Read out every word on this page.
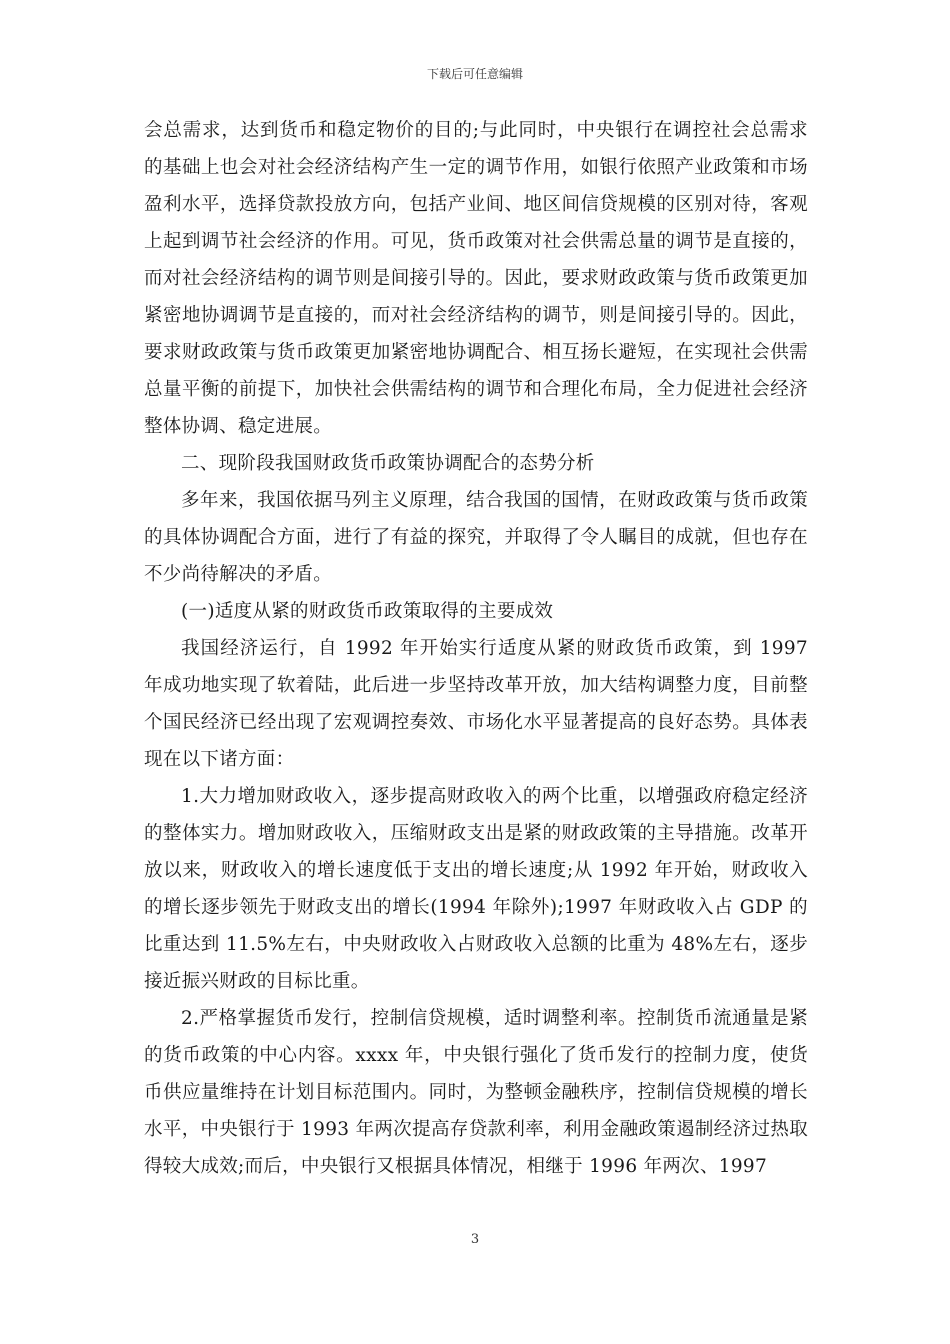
下载后可任意编辑

会总需求，达到货币和稳定物价的目的;与此同时，中央银行在调控社会总需求的基础上也会对社会经济结构产生一定的调节作用，如银行依照产业政策和市场盈利水平，选择贷款投放方向，包括产业间、地区间信贷规模的区别对待，客观上起到调节社会经济的作用。可见，货币政策对社会供需总量的调节是直接的，而对社会经济结构的调节则是间接引导的。因此，要求财政政策与货币政策更加紧密地协调调节是直接的，而对社会经济结构的调节，则是间接引导的。因此，要求财政政策与货币政策更加紧密地协调配合、相互扬长避短，在实现社会供需总量平衡的前提下，加快社会供需结构的调节和合理化布局，全力促进社会经济整体协调、稳定进展。

二、现阶段我国财政货币政策协调配合的态势分析

多年来，我国依据马列主义原理，结合我国的国情，在财政政策与货币政策的具体协调配合方面，进行了有益的探究，并取得了令人瞩目的成就，但也存在不少尚待解决的矛盾。

(一)适度从紧的财政货币政策取得的主要成效

我国经济运行，自 1992 年开始实行适度从紧的财政货币政策，到 1997 年成功地实现了软着陆，此后进一步坚持改革开放，加大结构调整力度，目前整个国民经济已经出现了宏观调控奏效、市场化水平显著提高的良好态势。具体表现在以下诸方面：

1.大力增加财政收入，逐步提高财政收入的两个比重，以增强政府稳定经济的整体实力。增加财政收入，压缩财政支出是紧的财政政策的主导措施。改革开放以来，财政收入的增长速度低于支出的增长速度;从 1992 年开始，财政收入的增长逐步领先于财政支出的增长(1994 年除外);1997 年财政收入占 GDP 的比重达到 11.5%左右，中央财政收入占财政收入总额的比重为 48%左右，逐步接近振兴财政的目标比重。

2.严格掌握货币发行，控制信贷规模，适时调整利率。控制货币流通量是紧的货币政策的中心内容。xxxx 年，中央银行强化了货币发行的控制力度，使货币供应量维持在计划目标范围内。同时，为整顿金融秩序，控制信贷规模的增长水平，中央银行于 1993 年两次提高存贷款利率，利用金融政策遏制经济过热取得较大成效;而后，中央银行又根据具体情况，相继于 1996 年两次、1997

3
